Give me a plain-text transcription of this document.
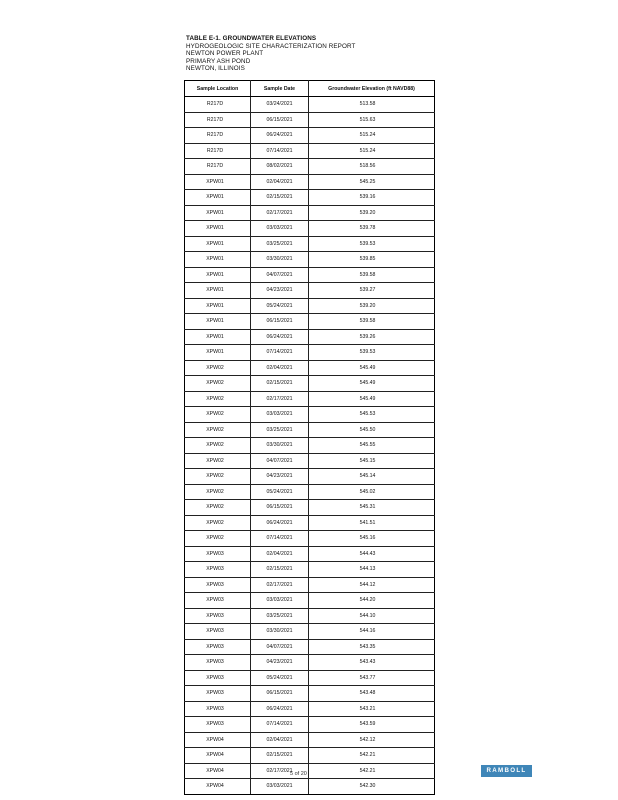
TABLE E-1. GROUNDWATER ELEVATIONS
HYDROGEOLOGIC SITE CHARACTERIZATION REPORT
NEWTON POWER PLANT
PRIMARY ASH POND
NEWTON, ILLINOIS
Sample Location	Sample Date	Groundwater Elevation (ft NAVD88)
R217D	03/24/2021	513.58
R217D	06/15/2021	515.63
R217D	06/24/2021	515.24
R217D	07/14/2021	515.24
R217D	08/02/2021	518.56
XPW01	02/04/2021	545.25
XPW01	02/15/2021	539.16
XPW01	02/17/2021	539.20
XPW01	03/03/2021	539.78
XPW01	03/25/2021	539.53
XPW01	03/30/2021	539.85
XPW01	04/07/2021	539.58
XPW01	04/23/2021	539.27
XPW01	05/24/2021	539.20
XPW01	06/15/2021	539.58
XPW01	06/24/2021	539.26
XPW01	07/14/2021	539.53
XPW02	02/04/2021	545.49
XPW02	02/15/2021	545.49
XPW02	02/17/2021	545.49
XPW02	03/03/2021	545.53
XPW02	03/25/2021	545.50
XPW02	03/30/2021	545.55
XPW02	04/07/2021	545.15
XPW02	04/23/2021	545.14
XPW02	05/24/2021	545.02
XPW02	06/15/2021	545.31
XPW02	06/24/2021	541.51
XPW02	07/14/2021	545.16
XPW03	02/04/2021	544.43
XPW03	02/15/2021	544.13
XPW03	02/17/2021	544.12
XPW03	03/03/2021	544.20
XPW03	03/25/2021	544.10
XPW03	03/30/2021	544.16
XPW03	04/07/2021	543.35
XPW03	04/23/2021	543.43
XPW03	05/24/2021	543.77
XPW03	06/15/2021	543.48
XPW03	06/24/2021	543.21
XPW03	07/14/2021	543.59
XPW04	02/04/2021	542.12
XPW04	02/15/2021	542.21
XPW04	02/17/2021	542.21
XPW04	03/03/2021	542.30
5 of 20	RAMBOLL
